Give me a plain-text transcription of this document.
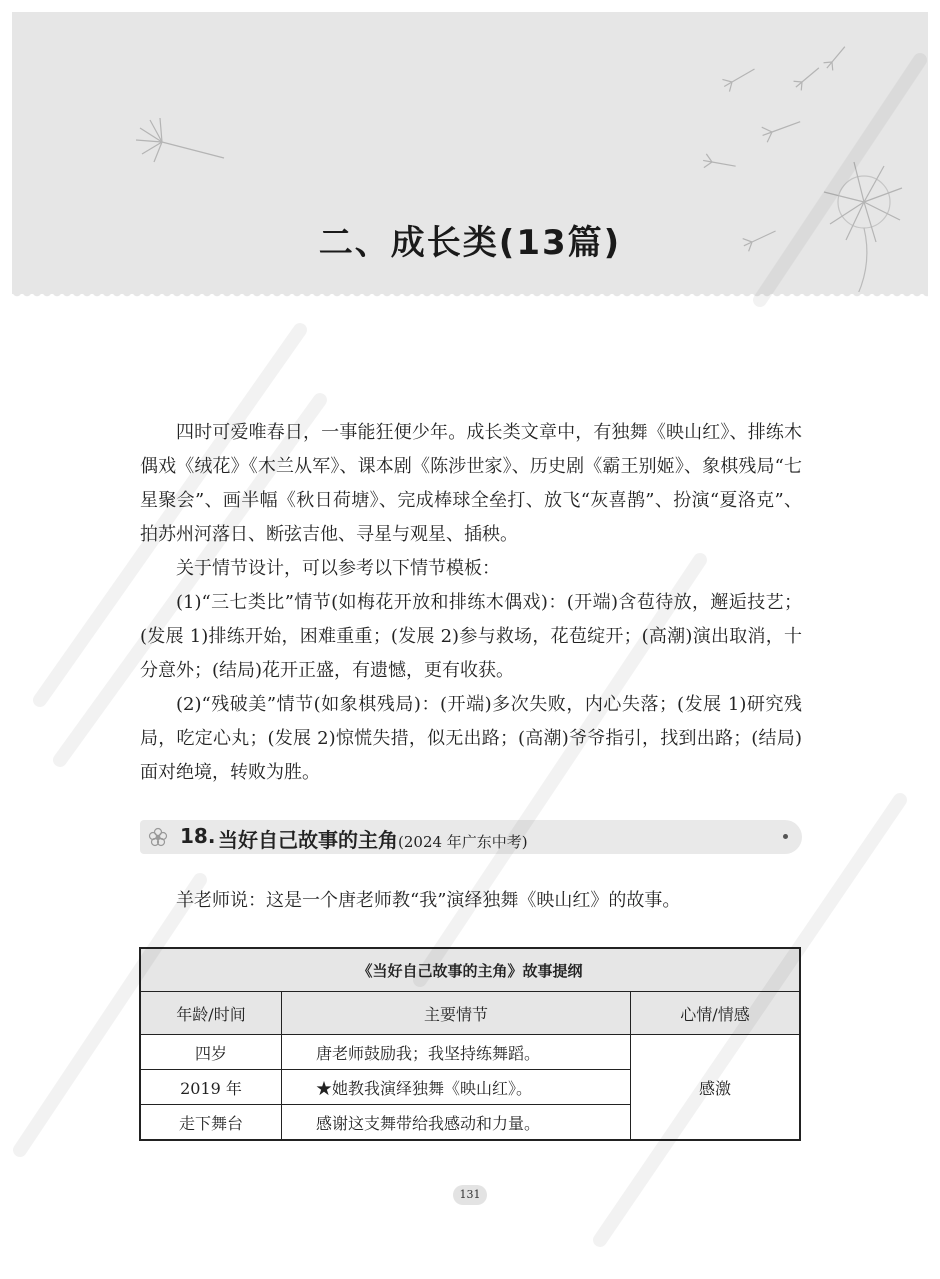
二、成长类(13篇)

四时可爱唯春日，一事能狂便少年。成长类文章中，有独舞《映山红》、排练木偶戏《绒花》《木兰从军》、课本剧《陈涉世家》、历史剧《霸王别姬》、象棋残局“七星聚会”、画半幅《秋日荷塘》、完成棒球全垒打、放飞“灰喜鹊”、扮演“夏洛克”、拍苏州河落日、断弦吉他、寻星与观星、插秧。

关于情节设计，可以参考以下情节模板：

(1)“三七类比”情节(如梅花开放和排练木偶戏)：(开端)含苞待放，邂逅技艺；(发展 1)排练开始，困难重重；(发展 2)参与救场，花苞绽开；(高潮)演出取消，十分意外；(结局)花开正盛，有遗憾，更有收获。

(2)“残破美”情节(如象棋残局)：(开端)多次失败，内心失落；(发展 1)研究残局，吃定心丸；(发展 2)惊慌失措，似无出路；(高潮)爷爷指引，找到出路；(结局)面对绝境，转败为胜。

18. 当好自己故事的主角(2024 年广东中考)
羊老师说：这是一个唐老师教“我”演绎独舞《映山红》的故事。
《当好自己故事的主角》故事提纲		
年龄/时间	主要情节	心情/情感
四岁	唐老师鼓励我；我坚持练舞蹈。	感激
2019 年	★她教我演绎独舞《映山红》。	
走下舞台	感谢这支舞带给我感动和力量。	
131
